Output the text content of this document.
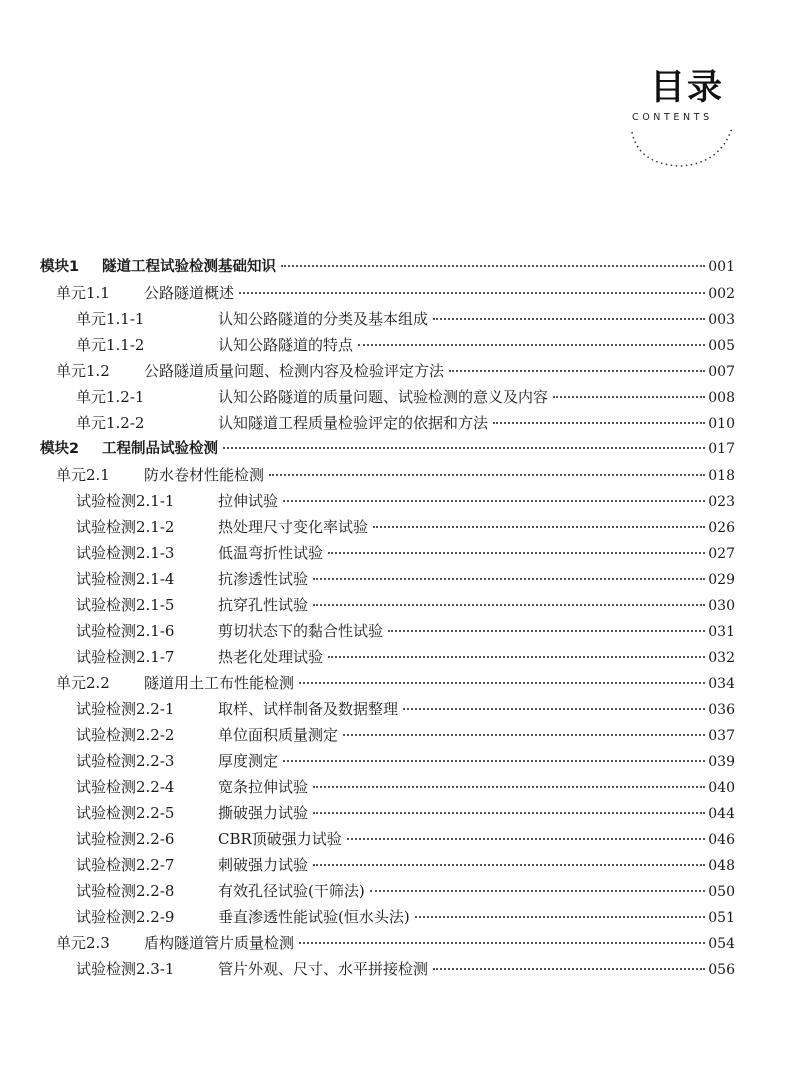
目录
CONTENTS
模块1	隧道工程试验检测基础知识	001
单元1.1	公路隧道概述	002
单元1.1-1	认知公路隧道的分类及基本组成	003
单元1.1-2	认知公路隧道的特点	005
单元1.2	公路隧道质量问题、检测内容及检验评定方法	007
单元1.2-1	认知公路隧道的质量问题、试验检测的意义及内容	008
单元1.2-2	认知隧道工程质量检验评定的依据和方法	010
模块2	工程制品试验检测	017
单元2.1	防水卷材性能检测	018
试验检测2.1-1	拉伸试验	023
试验检测2.1-2	热处理尺寸变化率试验	026
试验检测2.1-3	低温弯折性试验	027
试验检测2.1-4	抗渗透性试验	029
试验检测2.1-5	抗穿孔性试验	030
试验检测2.1-6	剪切状态下的黏合性试验	031
试验检测2.1-7	热老化处理试验	032
单元2.2	隧道用土工布性能检测	034
试验检测2.2-1	取样、试样制备及数据整理	036
试验检测2.2-2	单位面积质量测定	037
试验检测2.2-3	厚度测定	039
试验检测2.2-4	宽条拉伸试验	040
试验检测2.2-5	撕破强力试验	044
试验检测2.2-6	CBR顶破强力试验	046
试验检测2.2-7	刺破强力试验	048
试验检测2.2-8	有效孔径试验(干筛法)	050
试验检测2.2-9	垂直渗透性能试验(恒水头法)	051
单元2.3	盾构隧道管片质量检测	054
试验检测2.3-1	管片外观、尺寸、水平拼接检测	056
